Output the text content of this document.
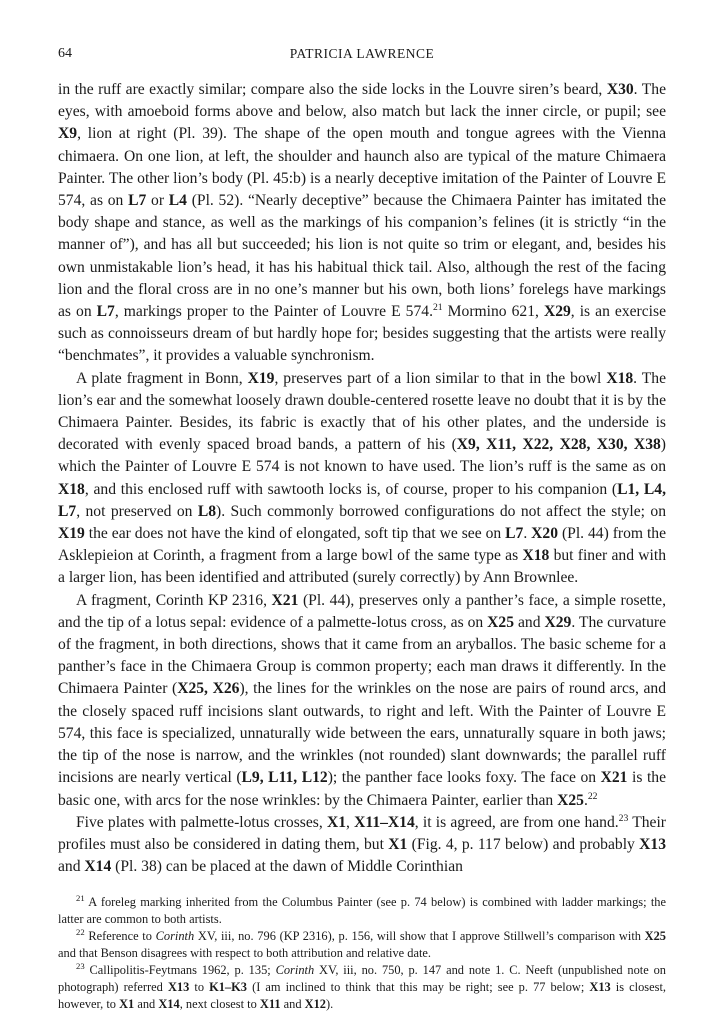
64	PATRICIA LAWRENCE

in the ruff are exactly similar; compare also the side locks in the Louvre siren’s beard, X30. The eyes, with amoeboid forms above and below, also match but lack the inner circle, or pupil; see X9, lion at right (Pl. 39). The shape of the open mouth and tongue agrees with the Vienna chimaera. On one lion, at left, the shoulder and haunch also are typical of the mature Chimaera Painter. The other lion’s body (Pl. 45:b) is a nearly deceptive imitation of the Painter of Louvre E 574, as on L7 or L4 (Pl. 52). “Nearly deceptive” because the Chimaera Painter has imitated the body shape and stance, as well as the markings of his companion’s felines (it is strictly “in the manner of”), and has all but succeeded; his lion is not quite so trim or elegant, and, besides his own unmistakable lion’s head, it has his habitual thick tail. Also, although the rest of the facing lion and the floral cross are in no one’s manner but his own, both lions’ forelegs have markings as on L7, markings proper to the Painter of Louvre E 574.21 Mormino 621, X29, is an exercise such as connoisseurs dream of but hardly hope for; besides suggesting that the artists were really “benchmates”, it provides a valuable synchronism.

A plate fragment in Bonn, X19, preserves part of a lion similar to that in the bowl X18. The lion’s ear and the somewhat loosely drawn double-centered rosette leave no doubt that it is by the Chimaera Painter. Besides, its fabric is exactly that of his other plates, and the underside is decorated with evenly spaced broad bands, a pattern of his (X9, X11, X22, X28, X30, X38) which the Painter of Louvre E 574 is not known to have used. The lion’s ruff is the same as on X18, and this enclosed ruff with sawtooth locks is, of course, proper to his companion (L1, L4, L7, not preserved on L8). Such commonly borrowed configurations do not affect the style; on X19 the ear does not have the kind of elongated, soft tip that we see on L7. X20 (Pl. 44) from the Asklepieion at Corinth, a fragment from a large bowl of the same type as X18 but finer and with a larger lion, has been identified and attributed (surely correctly) by Ann Brownlee.

A fragment, Corinth KP 2316, X21 (Pl. 44), preserves only a panther’s face, a simple rosette, and the tip of a lotus sepal: evidence of a palmette-lotus cross, as on X25 and X29. The curvature of the fragment, in both directions, shows that it came from an aryballos. The basic scheme for a panther’s face in the Chimaera Group is common property; each man draws it differently. In the Chimaera Painter (X25, X26), the lines for the wrinkles on the nose are pairs of round arcs, and the closely spaced ruff incisions slant outwards, to right and left. With the Painter of Louvre E 574, this face is specialized, unnaturally wide between the ears, unnaturally square in both jaws; the tip of the nose is narrow, and the wrinkles (not rounded) slant downwards; the parallel ruff incisions are nearly vertical (L9, L11, L12); the panther face looks foxy. The face on X21 is the basic one, with arcs for the nose wrinkles: by the Chimaera Painter, earlier than X25.22

Five plates with palmette-lotus crosses, X1, X11–X14, it is agreed, are from one hand.$^{23}$ Their profiles must also be considered in dating them, but X1 (Fig. 4, p. 117 below) and probably X13 and X14 (Pl. 38) can be placed at the dawn of Middle Corinthian

$^{21}$ A foreleg marking inherited from the Columbus Painter (see p. 74 below) is combined with ladder markings; the latter are common to both artists.

$^{22}$ Reference to Corinth XV, iii, no. 796 (KP 2316), p. 156, will show that I approve Stillwell’s comparison with X25 and that Benson disagrees with respect to both attribution and relative date.

$^{23}$ Callipolitis-Feytmans 1962, p. 135; Corinth XV, iii, no. 750, p. 147 and note 1. C. Neeft (unpublished note on photograph) referred X13 to K1–K3 (I am inclined to think that this may be right; see p. 77 below; X13 is closest, however, to X1 and X14, next closest to X11 and X12).
